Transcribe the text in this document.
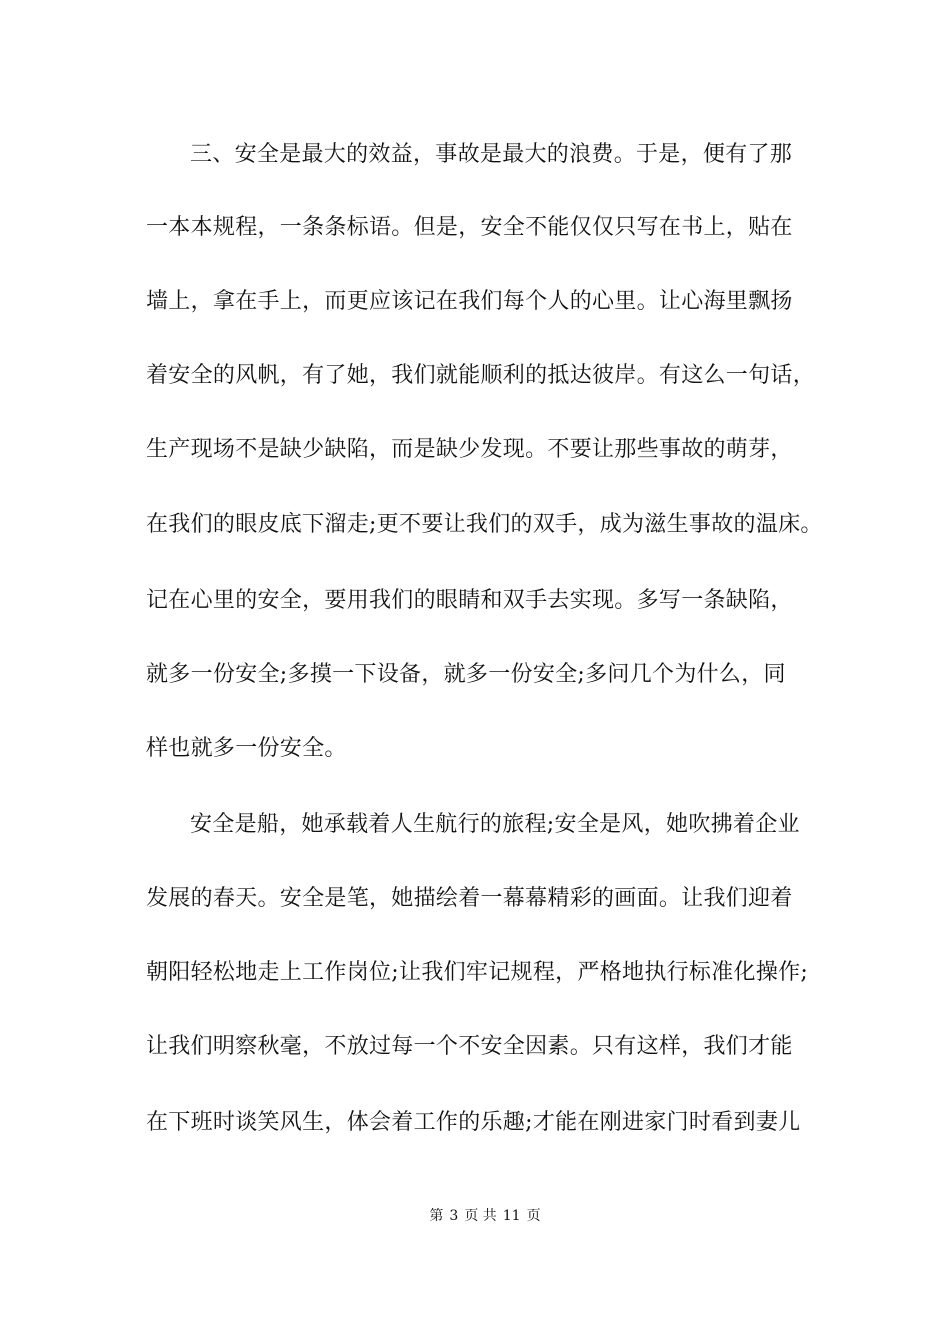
三、安全是最大的效益，事故是最大的浪费。于是，便有了那
一本本规程，一条条标语。但是，安全不能仅仅只写在书上，贴在
墙上，拿在手上，而更应该记在我们每个人的心里。让心海里飘扬
着安全的风帆，有了她，我们就能顺利的抵达彼岸。有这么一句话，
生产现场不是缺少缺陷，而是缺少发现。不要让那些事故的萌芽，
在我们的眼皮底下溜走;更不要让我们的双手，成为滋生事故的温床。
记在心里的安全，要用我们的眼睛和双手去实现。多写一条缺陷，
就多一份安全;多摸一下设备，就多一份安全;多问几个为什么，同
样也就多一份安全。
安全是船，她承载着人生航行的旅程;安全是风，她吹拂着企业
发展的春天。安全是笔，她描绘着一幕幕精彩的画面。让我们迎着
朝阳轻松地走上工作岗位;让我们牢记规程，严格地执行标准化操作;
让我们明察秋毫，不放过每一个不安全因素。只有这样，我们才能
在下班时谈笑风生，体会着工作的乐趣;才能在刚进家门时看到妻儿
第 3 页 共 11 页
